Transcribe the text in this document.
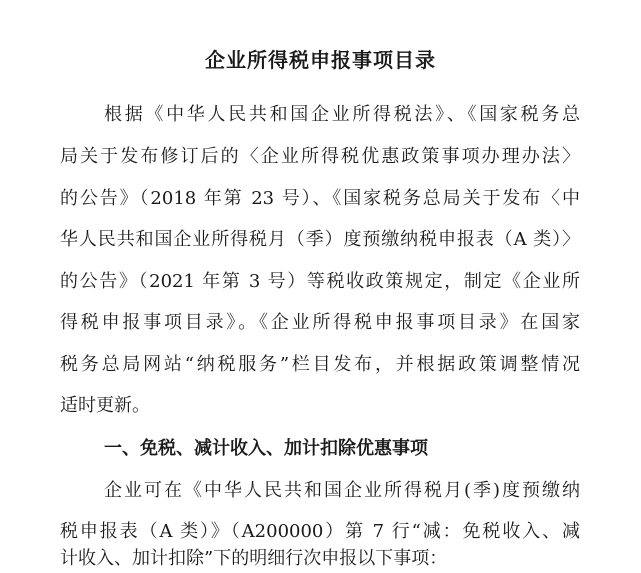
企业所得税申报事项目录
根据《中华人民共和国企业所得税法》、《国家税务总
局关于发布修订后的〈企业所得税优惠政策事项办理办法〉
的公告》（2018 年第 23 号）、《国家税务总局关于发布〈中
华人民共和国企业所得税月（季）度预缴纳税申报表（A 类）〉
的公告》（2021 年第 3 号）等税收政策规定，制定《企业所
得税申报事项目录》。《企业所得税申报事项目录》在国家
税务总局网站“纳税服务”栏目发布，并根据政策调整情况
适时更新。
一、免税、减计收入、加计扣除优惠事项
企业可在《中华人民共和国企业所得税月(季)度预缴纳
税申报表（A 类）》（A200000）第 7 行“减：免税收入、减
计收入、加计扣除”下的明细行次申报以下事项：
